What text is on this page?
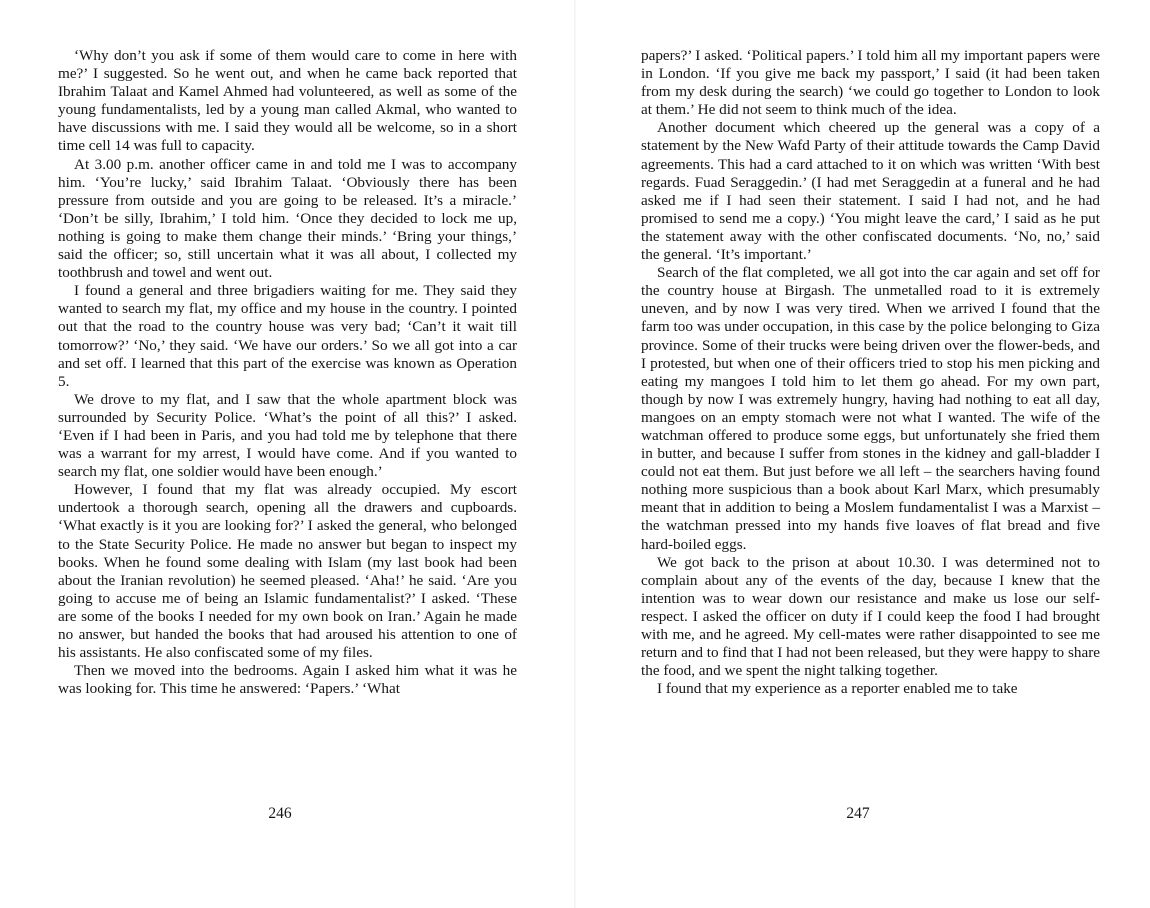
‘Why don’t you ask if some of them would care to come in here with me?’ I suggested. So he went out, and when he came back reported that Ibrahim Talaat and Kamel Ahmed had volunteered, as well as some of the young fundamentalists, led by a young man called Akmal, who wanted to have discussions with me. I said they would all be welcome, so in a short time cell 14 was full to capacity.

At 3.00 p.m. another officer came in and told me I was to accompany him. ‘You’re lucky,’ said Ibrahim Talaat. ‘Obviously there has been pressure from outside and you are going to be released. It’s a miracle.’ ‘Don’t be silly, Ibrahim,’ I told him. ‘Once they decided to lock me up, nothing is going to make them change their minds.’ ‘Bring your things,’ said the officer; so, still uncertain what it was all about, I collected my toothbrush and towel and went out.

I found a general and three brigadiers waiting for me. They said they wanted to search my flat, my office and my house in the country. I pointed out that the road to the country house was very bad; ‘Can’t it wait till tomorrow?’ ‘No,’ they said. ‘We have our orders.’ So we all got into a car and set off. I learned that this part of the exercise was known as Operation 5.

We drove to my flat, and I saw that the whole apartment block was surrounded by Security Police. ‘What’s the point of all this?’ I asked. ‘Even if I had been in Paris, and you had told me by telephone that there was a warrant for my arrest, I would have come. And if you wanted to search my flat, one soldier would have been enough.’

However, I found that my flat was already occupied. My escort undertook a thorough search, opening all the drawers and cupboards. ‘What exactly is it you are looking for?’ I asked the general, who belonged to the State Security Police. He made no answer but began to inspect my books. When he found some dealing with Islam (my last book had been about the Iranian revolution) he seemed pleased. ‘Aha!’ he said. ‘Are you going to accuse me of being an Islamic fundamentalist?’ I asked. ‘These are some of the books I needed for my own book on Iran.’ Again he made no answer, but handed the books that had aroused his attention to one of his assistants. He also confiscated some of my files.

Then we moved into the bedrooms. Again I asked him what it was he was looking for. This time he answered: ‘Papers.’ ‘What

246

papers?’ I asked. ‘Political papers.’ I told him all my important papers were in London. ‘If you give me back my passport,’ I said (it had been taken from my desk during the search) ‘we could go together to London to look at them.’ He did not seem to think much of the idea.

Another document which cheered up the general was a copy of a statement by the New Wafd Party of their attitude towards the Camp David agreements. This had a card attached to it on which was written ‘With best regards. Fuad Seraggedin.’ (I had met Seraggedin at a funeral and he had asked me if I had seen their statement. I said I had not, and he had promised to send me a copy.) ‘You might leave the card,’ I said as he put the statement away with the other confiscated documents. ‘No, no,’ said the general. ‘It’s important.’

Search of the flat completed, we all got into the car again and set off for the country house at Birgash. The unmetalled road to it is extremely uneven, and by now I was very tired. When we arrived I found that the farm too was under occupation, in this case by the police belonging to Giza province. Some of their trucks were being driven over the flower-beds, and I protested, but when one of their officers tried to stop his men picking and eating my mangoes I told him to let them go ahead. For my own part, though by now I was extremely hungry, having had nothing to eat all day, mangoes on an empty stomach were not what I wanted. The wife of the watchman offered to produce some eggs, but unfortunately she fried them in butter, and because I suffer from stones in the kidney and gall-bladder I could not eat them. But just before we all left – the searchers having found nothing more suspicious than a book about Karl Marx, which presumably meant that in addition to being a Moslem fundamentalist I was a Marxist – the watchman pressed into my hands five loaves of flat bread and five hard-boiled eggs.

We got back to the prison at about 10.30. I was determined not to complain about any of the events of the day, because I knew that the intention was to wear down our resistance and make us lose our self-respect. I asked the officer on duty if I could keep the food I had brought with me, and he agreed. My cell-mates were rather disappointed to see me return and to find that I had not been released, but they were happy to share the food, and we spent the night talking together.

I found that my experience as a reporter enabled me to take

247
